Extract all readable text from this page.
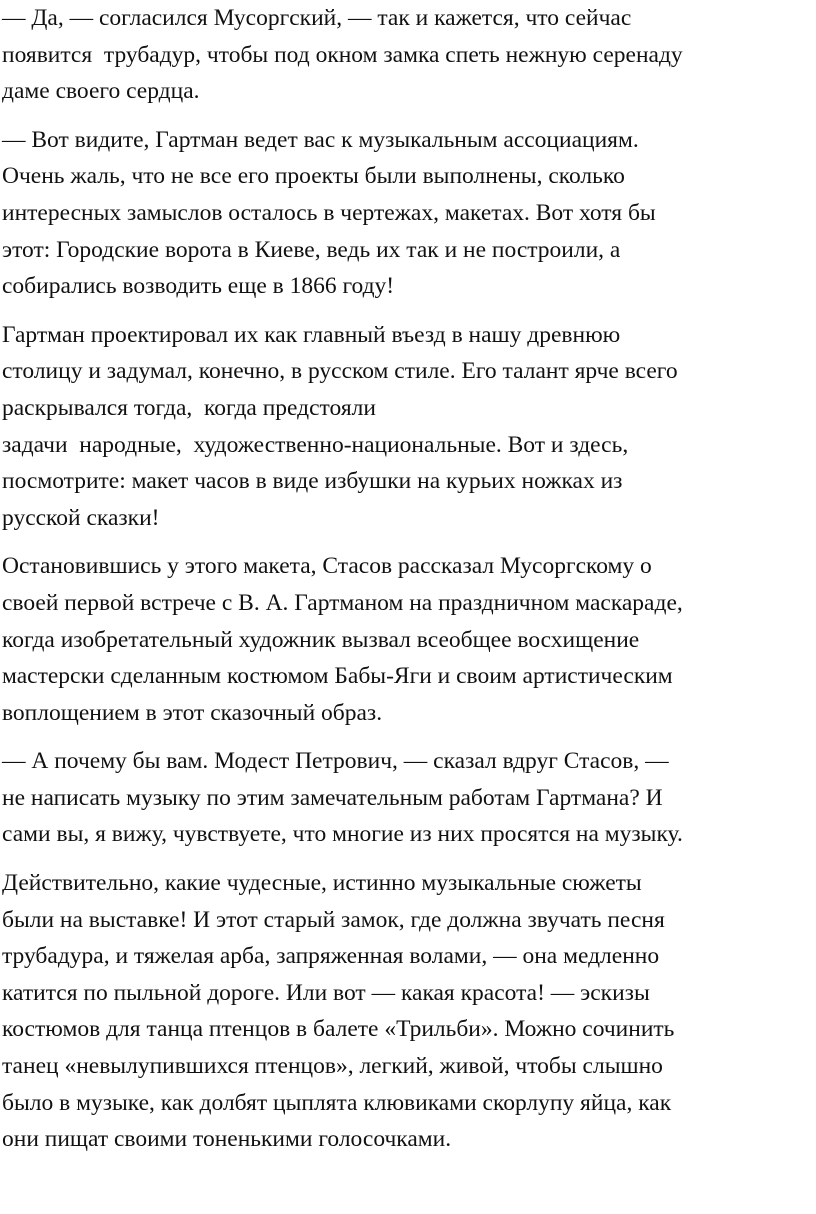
— Да, — согласился Мусоргский, — так и кажется, что сейчас
появится  трубадур, чтобы под окном замка спеть нежную серенаду
даме своего сердца.

— Вот видите, Гартман ведет вас к музыкальным ассоциациям.
Очень жаль, что не все его проекты были выполнены, сколько
интересных замыслов осталось в чертежах, макетах. Вот хотя бы
этот: Городские ворота в Киеве, ведь их так и не построили, а
собирались возводить еще в 1866 году!

Гартман проектировал их как главный въезд в нашу древнюю
столицу и задумал, конечно, в русском стиле. Его талант ярче всего
раскрывался тогда,  когда предстояли
задачи  народные,  художественно-национальные. Вот и здесь,
посмотрите: макет часов в виде избушки на курьих ножках из
русской сказки!

Остановившись у этого макета, Стасов рассказал Мусоргскому о
своей первой встрече с В. А. Гартманом на праздничном маскараде,
когда изобретательный художник вызвал всеобщее восхищение
мастерски сделанным костюмом Бабы-Яги и своим артистическим
воплощением в этот сказочный образ.

— А почему бы вам. Модест Петрович, — сказал вдруг Стасов, —
не написать музыку по этим замечательным работам Гартмана? И
сами вы, я вижу, чувствуете, что многие из них просятся на музыку.

Действительно, какие чудесные, истинно музыкальные сюжеты
были на выставке! И этот старый замок, где должна звучать песня
трубадура, и тяжелая арба, запряженная волами, — она медленно
катится по пыльной дороге. Или вот — какая красота! — эскизы
костюмов для танца птенцов в балете «Трильби». Можно сочинить
танец «невылупившихся птенцов», легкий, живой, чтобы слышно
было в музыке, как долбят цыплята клювиками скорлупу яйца, как
они пищат своими тоненькими голосочками.
